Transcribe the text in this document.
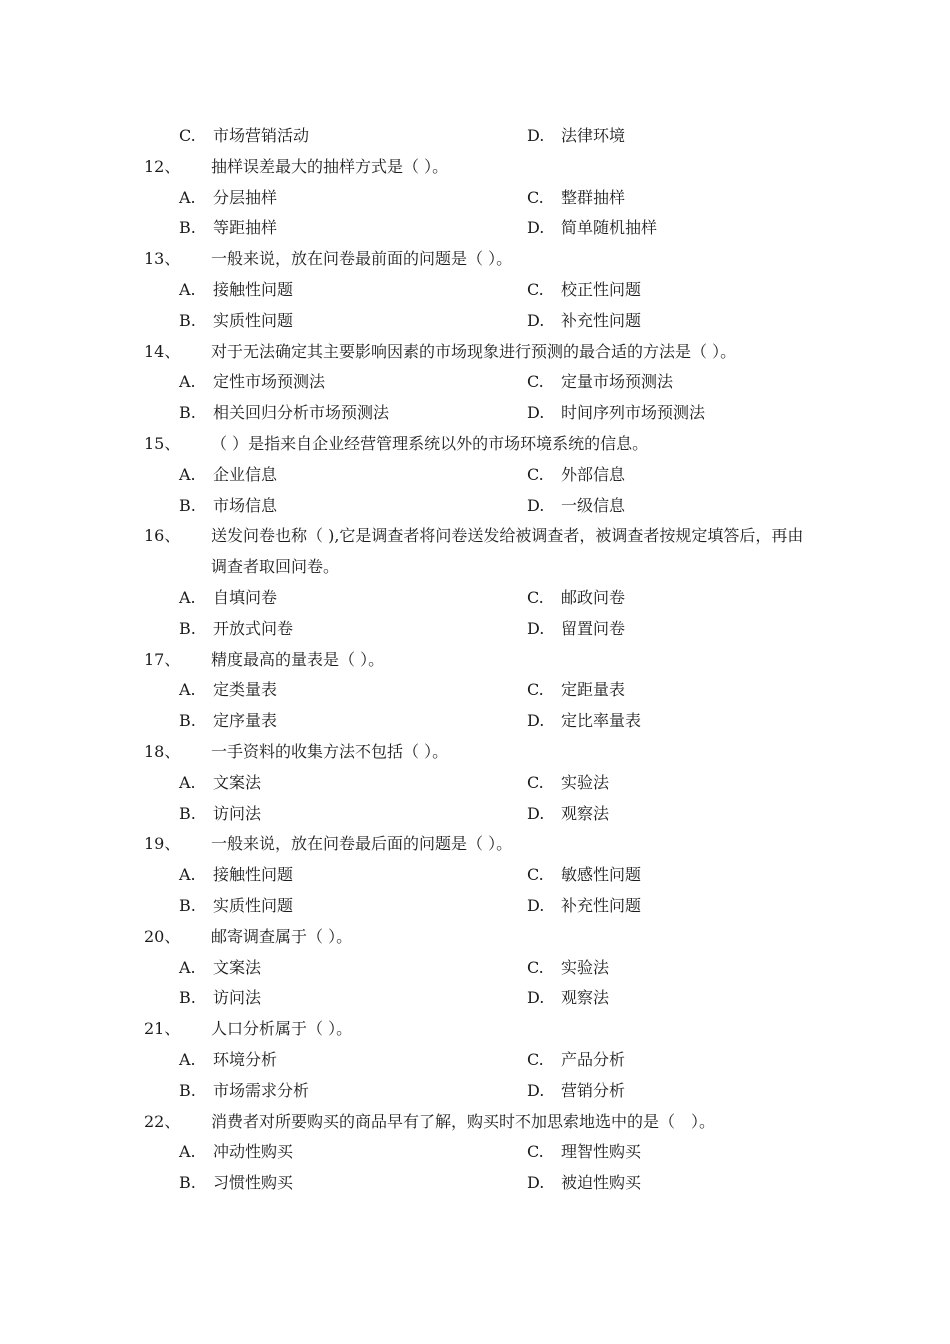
C. 市场营销活动	D. 法律环境
12、 抽样误差最大的抽样方式是（ ）。
A. 分层抽样	C. 整群抽样
B. 等距抽样	D. 简单随机抽样
13、 一般来说，放在问卷最前面的问题是（ ）。
A. 接触性问题	C. 校正性问题
B. 实质性问题	D. 补充性问题
14、 对于无法确定其主要影响因素的市场现象进行预测的最合适的方法是（ ）。
A. 定性市场预测法	C. 定量市场预测法
B. 相关回归分析市场预测法	D. 时间序列市场预测法
15、 （ ）是指来自企业经营管理系统以外的市场环境系统的信息。
A. 企业信息	C. 外部信息
B. 市场信息	D. 一级信息
16、 送发问卷也称（ ),它是调查者将问卷送发给被调查者，被调查者按规定填答后，再由调查者取回问卷。
A. 自填问卷	C. 邮政问卷
B. 开放式问卷	D. 留置问卷
17、 精度最高的量表是（ ）。
A. 定类量表	C. 定距量表
B. 定序量表	D. 定比率量表
18、 一手资料的收集方法不包括（ ）。
A. 文案法	C. 实验法
B. 访问法	D. 观察法
19、 一般来说，放在问卷最后面的问题是（ ）。
A. 接触性问题	C. 敏感性问题
B. 实质性问题	D. 补充性问题
20、 邮寄调查属于（ ）。
A. 文案法	C. 实验法
B. 访问法	D. 观察法
21、 人口分析属于（ ）。
A. 环境分析	C. 产品分析
B. 市场需求分析	D. 营销分析
22、 消费者对所要购买的商品早有了解，购买时不加思索地选中的是（　）。
A. 冲动性购买	C. 理智性购买
B. 习惯性购买	D. 被迫性购买
